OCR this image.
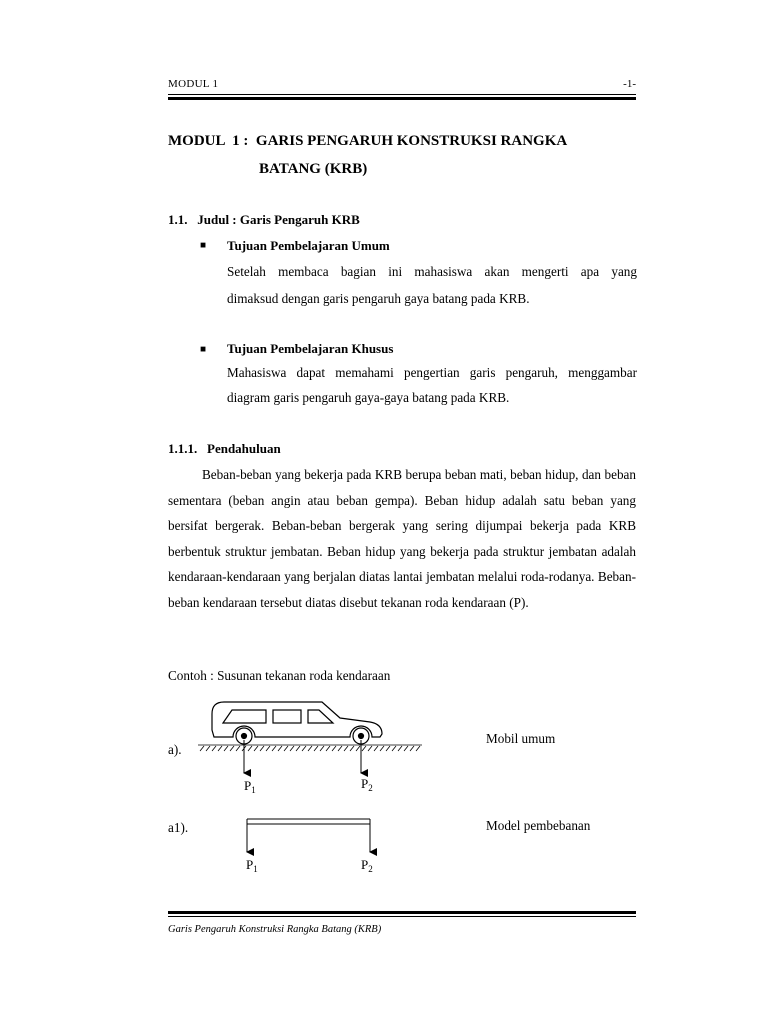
MODUL 1	-1-
MODUL  1 :  GARIS PENGARUH KONSTRUKSI RANGKA
BATANG (KRB)
1.1.   Judul : Garis Pengaruh KRB
■ Tujuan Pembelajaran Umum
Setelah membaca bagian ini mahasiswa akan mengerti apa yang
dimaksud dengan garis pengaruh gaya batang pada KRB.
■ Tujuan Pembelajaran Khusus
Mahasiswa dapat memahami pengertian garis pengaruh, menggambar
diagram garis pengaruh gaya-gaya batang pada KRB.
1.1.1.   Pendahuluan

Beban-beban yang bekerja pada KRB berupa beban mati, beban hidup, dan beban sementara (beban angin atau beban gempa). Beban hidup adalah satu beban yang bersifat bergerak. Beban-beban bergerak yang sering dijumpai bekerja pada KRB berbentuk struktur jembatan. Beban hidup yang bekerja pada struktur jembatan adalah kendaraan-kendaraan yang berjalan diatas lantai jembatan melalui roda-rodanya. Beban-beban kendaraan tersebut diatas disebut tekanan roda kendaraan (P).

Contoh : Susunan tekanan roda kendaraan
a).
Mobil umum
a1).	Model pembebanan
$P_1$	$P_2$
$P_1$	$P_2$
Garis Pengaruh Konstruksi Rangka Batang (KRB)
